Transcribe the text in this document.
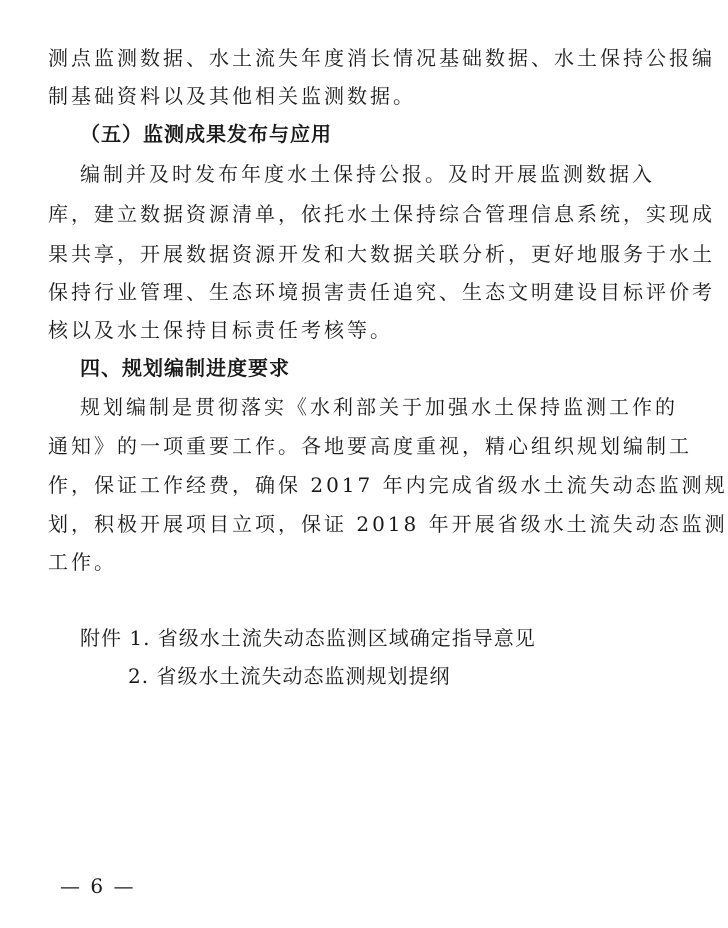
测点监测数据、水土流失年度消长情况基础数据、水土保持公报编
制基础资料以及其他相关监测数据。
（五）监测成果发布与应用
编制并及时发布年度水土保持公报。及时开展监测数据入
库，建立数据资源清单，依托水土保持综合管理信息系统，实现成
果共享，开展数据资源开发和大数据关联分析，更好地服务于水土
保持行业管理、生态环境损害责任追究、生态文明建设目标评价考
核以及水土保持目标责任考核等。
四、规划编制进度要求
规划编制是贯彻落实《水利部关于加强水土保持监测工作的
通知》的一项重要工作。各地要高度重视，精心组织规划编制工
作，保证工作经费，确保 2017 年内完成省级水土流失动态监测规
划，积极开展项目立项，保证 2018 年开展省级水土流失动态监测
工作。
附件 1. 省级水土流失动态监测区域确定指导意见
2. 省级水土流失动态监测规划提纲
— 6 —
